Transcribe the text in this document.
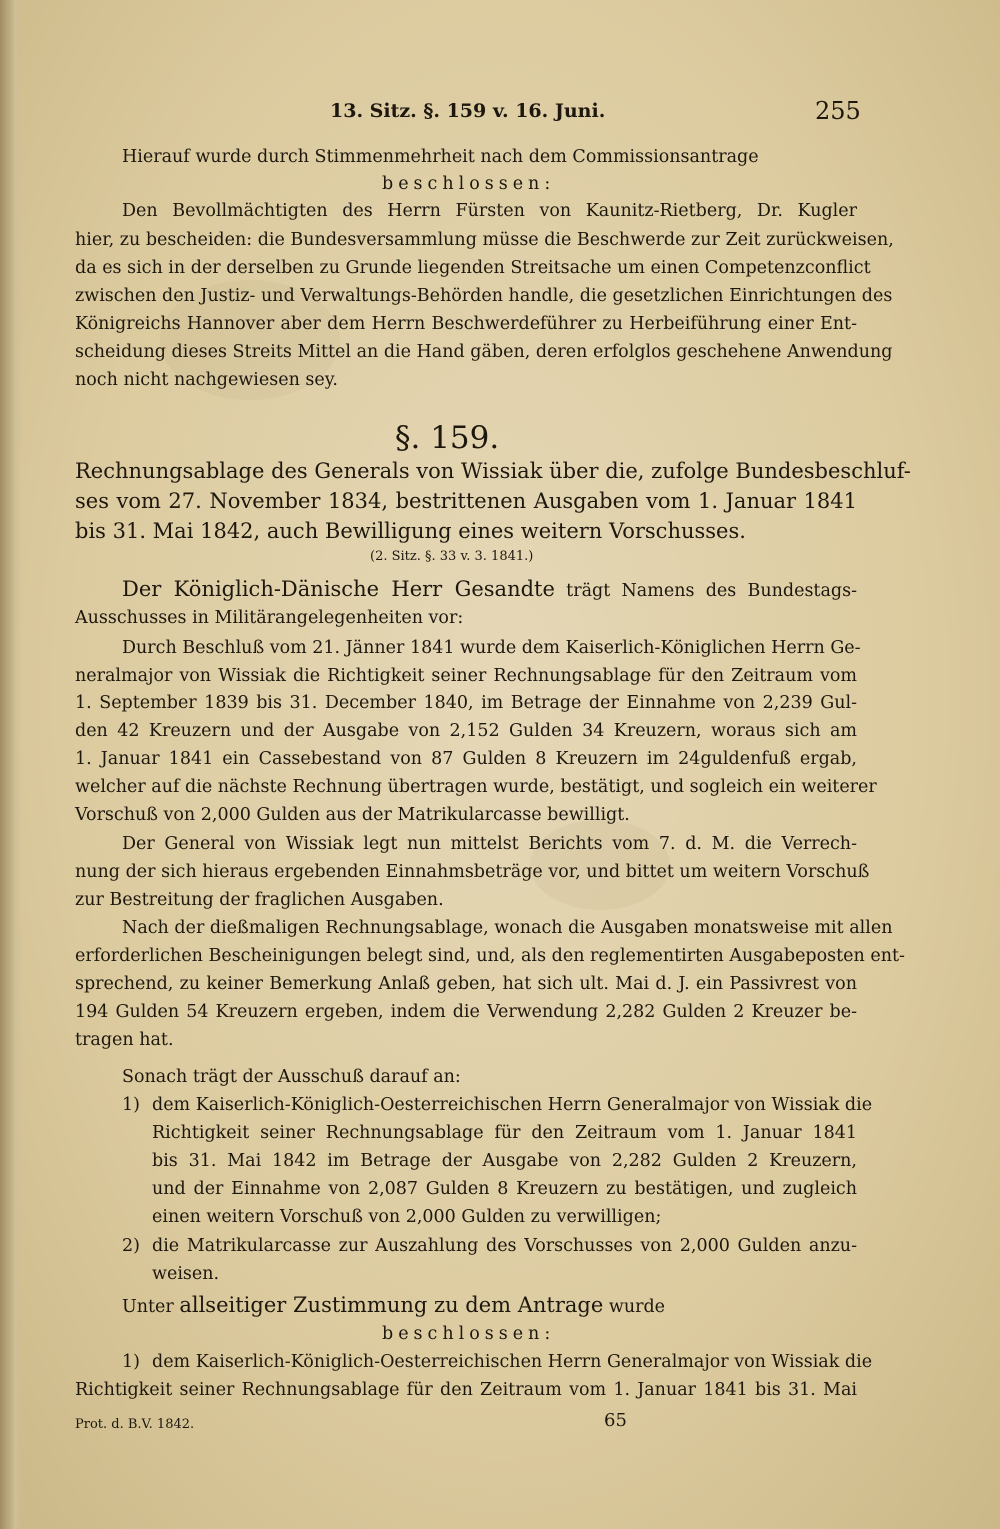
13. Sitz. §. 159 v. 16. Juni.	255
Hierauf wurde durch Stimmenmehrheit nach dem Commissionsantrage
beschlossen:
Den Bevollmächtigten des Herrn Fürsten von Kaunitz-Rietberg, Dr. Kugler
hier, zu bescheiden: die Bundesversammlung müsse die Beschwerde zur Zeit zurückweisen,
da es sich in der derselben zu Grunde liegenden Streitsache um einen Competenzconflict
zwischen den Justiz- und Verwaltungs-Behörden handle, die gesetzlichen Einrichtungen des
Königreichs Hannover aber dem Herrn Beschwerdeführer zu Herbeiführung einer Ent-
scheidung dieses Streits Mittel an die Hand gäben, deren erfolglos geschehene Anwendung
noch nicht nachgewiesen sey.
§. 159.
Rechnungsablage des Generals von Wissiak über die, zufolge Bundesbeschluf-
ses vom 27. November 1834, bestrittenen Ausgaben vom 1. Januar 1841
bis 31. Mai 1842, auch Bewilligung eines weitern Vorschusses.
(2. Sitz. §. 33 v. 3. 1841.)
Der Königlich-Dänische Herr Gesandte trägt Namens des Bundestags-
Ausschusses in Militärangelegenheiten vor:
Durch Beschluß vom 21. Jänner 1841 wurde dem Kaiserlich-Königlichen Herrn Ge-
neralmajor von Wissiak die Richtigkeit seiner Rechnungsablage für den Zeitraum vom
1. September 1839 bis 31. December 1840, im Betrage der Einnahme von 2,239 Gul-
den 42 Kreuzern und der Ausgabe von 2,152 Gulden 34 Kreuzern, woraus sich am
1. Januar 1841 ein Cassebestand von 87 Gulden 8 Kreuzern im 24guldenfuß ergab,
welcher auf die nächste Rechnung übertragen wurde, bestätigt, und sogleich ein weiterer
Vorschuß von 2,000 Gulden aus der Matrikularcasse bewilligt.
Der General von Wissiak legt nun mittelst Berichts vom 7. d. M. die Verrech-
nung der sich hieraus ergebenden Einnahmsbeträge vor, und bittet um weitern Vorschuß
zur Bestreitung der fraglichen Ausgaben.
Nach der dießmaligen Rechnungsablage, wonach die Ausgaben monatsweise mit allen
erforderlichen Bescheinigungen belegt sind, und, als den reglementirten Ausgabeposten ent-
sprechend, zu keiner Bemerkung Anlaß geben, hat sich ult. Mai d. J. ein Passivrest von
194 Gulden 54 Kreuzern ergeben, indem die Verwendung 2,282 Gulden 2 Kreuzer be-
tragen hat.
Sonach trägt der Ausschuß darauf an:
1) dem Kaiserlich-Königlich-Oesterreichischen Herrn Generalmajor von Wissiak die
Richtigkeit seiner Rechnungsablage für den Zeitraum vom 1. Januar 1841
bis 31. Mai 1842 im Betrage der Ausgabe von 2,282 Gulden 2 Kreuzern,
und der Einnahme von 2,087 Gulden 8 Kreuzern zu bestätigen, und zugleich
einen weitern Vorschuß von 2,000 Gulden zu verwilligen;
2) die Matrikularcasse zur Auszahlung des Vorschusses von 2,000 Gulden anzu-
weisen.
Unter allseitiger Zustimmung zu dem Antrage wurde
beschlossen:
1) dem Kaiserlich-Königlich-Oesterreichischen Herrn Generalmajor von Wissiak die
Richtigkeit seiner Rechnungsablage für den Zeitraum vom 1. Januar 1841 bis 31. Mai
Prot. d. B.V. 1842.	65
